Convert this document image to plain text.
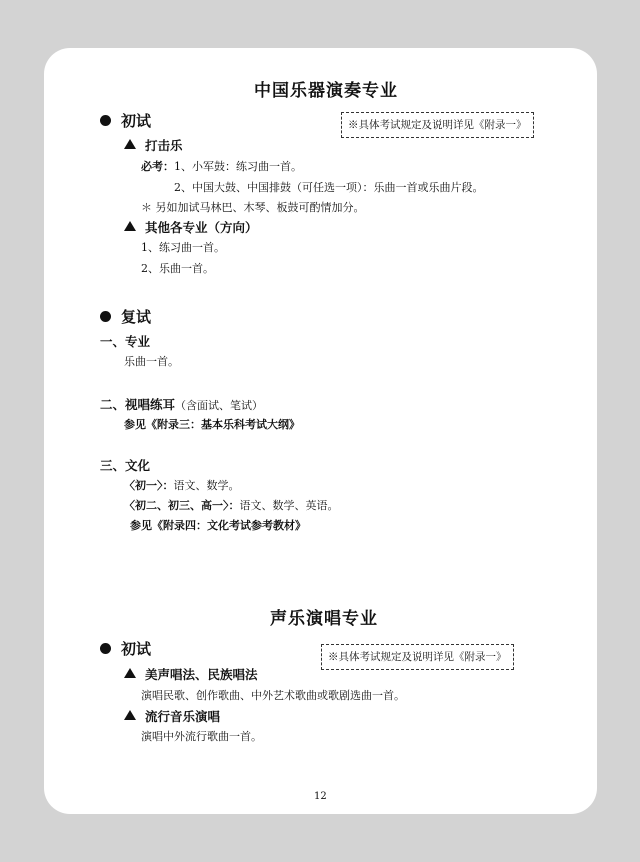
中国乐器演奏专业
初试	※具体考试规定及说明详见《附录一》
打击乐
必考：1、小军鼓：练习曲一首。
2、中国大鼓、中国排鼓（可任选一项）：乐曲一首或乐曲片段。
＊ 另如加试马林巴、木琴、板鼓可酌情加分。
其他各专业（方向）
1、练习曲一首。
2、乐曲一首。
复试
一、专业
乐曲一首。
二、视唱练耳（含面试、笔试）
参见《附录三：基本乐科考试大纲》
三、文化
〈初一〉：语文、数学。
〈初二、初三、高一〉：语文、数学、英语。
参见《附录四：文化考试参考教材》
声乐演唱专业
初试	※具体考试规定及说明详见《附录一》
美声唱法、民族唱法
演唱民歌、创作歌曲、中外艺术歌曲或歌剧选曲一首。
流行音乐演唱
演唱中外流行歌曲一首。
12
